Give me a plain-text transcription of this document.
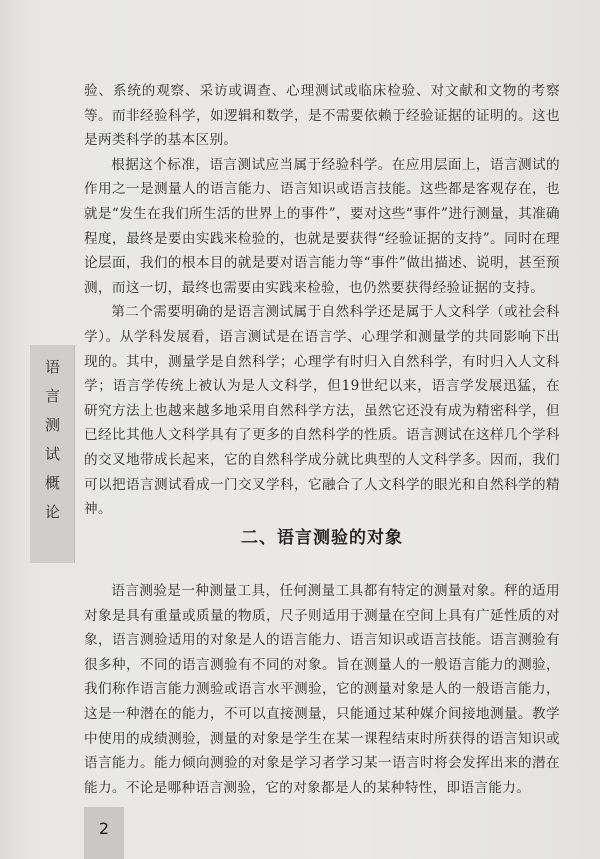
语言测试概论

验、系统的观察、采访或调查、心理测试或临床检验、对文献和文物的考察等。而非经验科学，如逻辑和数学，是不需要依赖于经验证据的证明的。这也是两类科学的基本区别。

根据这个标准，语言测试应当属于经验科学。在应用层面上，语言测试的作用之一是测量人的语言能力、语言知识或语言技能。这些都是客观存在，也就是“发生在我们所生活的世界上的事件”，要对这些“事件”进行测量，其准确程度，最终是要由实践来检验的，也就是要获得“经验证据的支持”。同时在理论层面，我们的根本目的就是要对语言能力等“事件”做出描述、说明，甚至预测，而这一切，最终也需要由实践来检验，也仍然要获得经验证据的支持。

第二个需要明确的是语言测试属于自然科学还是属于人文科学（或社会科学）。从学科发展看，语言测试是在语言学、心理学和测量学的共同影响下出现的。其中，测量学是自然科学；心理学有时归入自然科学，有时归入人文科学；语言学传统上被认为是人文科学，但19世纪以来，语言学发展迅猛，在研究方法上也越来越多地采用自然科学方法，虽然它还没有成为精密科学，但已经比其他人文科学具有了更多的自然科学的性质。语言测试在这样几个学科的交叉地带成长起来，它的自然科学成分就比典型的人文科学多。因而，我们可以把语言测试看成一门交叉学科，它融合了人文科学的眼光和自然科学的精神。

二、语言测验的对象

语言测验是一种测量工具，任何测量工具都有特定的测量对象。秤的适用对象是具有重量或质量的物质，尺子则适用于测量在空间上具有广延性质的对象，语言测验适用的对象是人的语言能力、语言知识或语言技能。语言测验有很多种，不同的语言测验有不同的对象。旨在测量人的一般语言能力的测验，我们称作语言能力测验或语言水平测验，它的测量对象是人的一般语言能力，这是一种潜在的能力，不可以直接测量，只能通过某种媒介间接地测量。教学中使用的成绩测验，测量的对象是学生在某一课程结束时所获得的语言知识或语言能力。能力倾向测验的对象是学习者学习某一语言时将会发挥出来的潜在能力。不论是哪种语言测验，它的对象都是人的某种特性，即语言能力。

2
